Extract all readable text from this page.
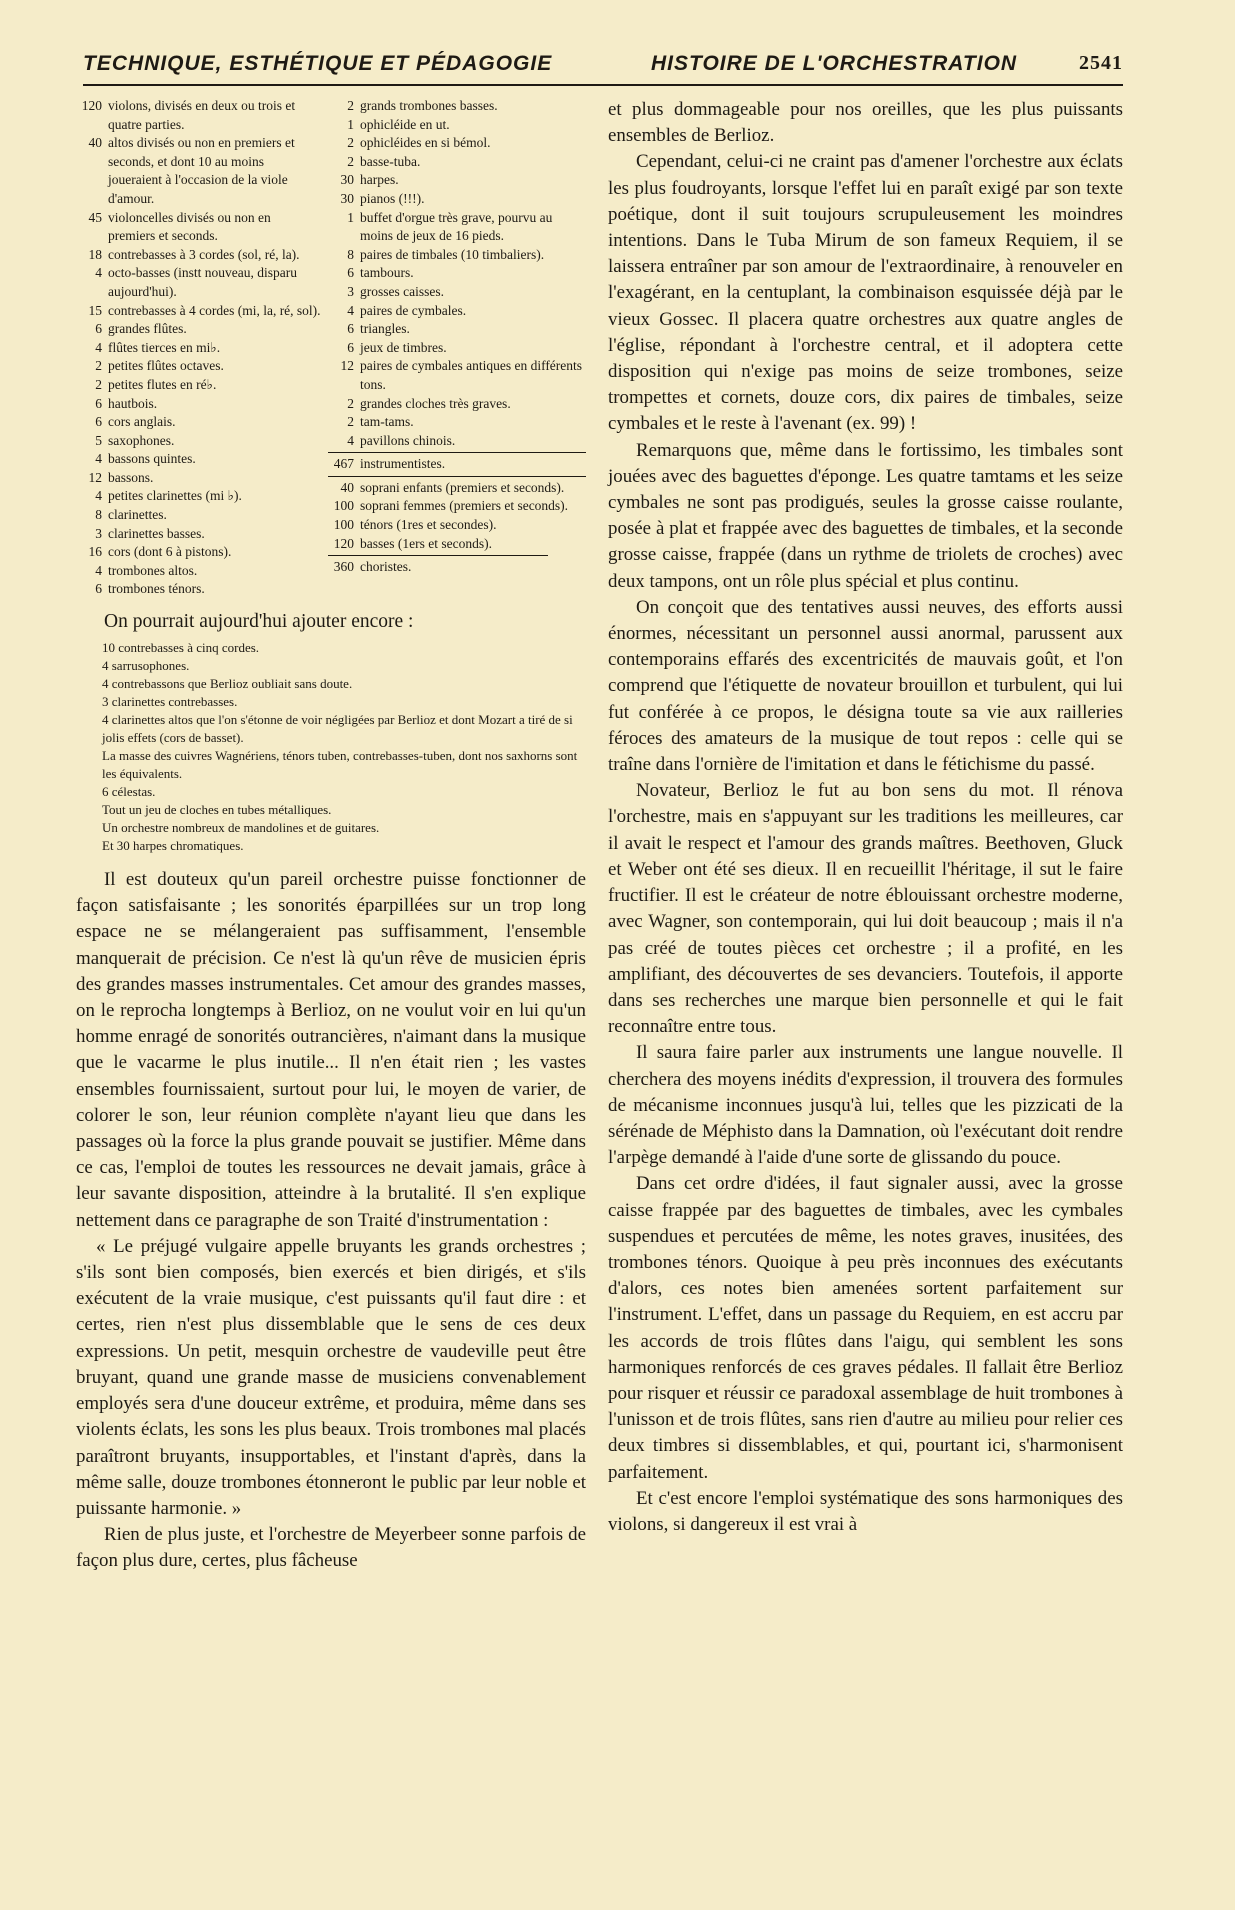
TECHNIQUE, ESTHÉTIQUE ET PÉDAGOGIE	HISTOIRE DE L'ORCHESTRATION	2541
120 violons, divisés en deux ou trois et quatre parties.
40 altos divisés ou non en premiers et seconds, et dont 10 au moins joueraient à l'occasion de la viole d'amour.
45 violoncelles divisés ou non en premiers et seconds.
18 contrebasses à 3 cordes (sol, ré, la).
4 octo-basses (instt nouveau, disparu aujourd'hui).
15 contrebasses à 4 cordes (mi, la, ré, sol).
6 grandes flûtes.
4 flûtes tierces en mi♭.
2 petites flûtes octaves.
2 petites flutes en ré♭.
6 hautbois.
6 cors anglais.
5 saxophones.
4 bassons quintes.
12 bassons.
4 petites clarinettes (mi ♭).
8 clarinettes.
3 clarinettes basses.
16 cors (dont 6 à pistons).
4 trombones altos.
6 trombones ténors.
2 grands trombones basses.
1 ophicléide en ut.
2 ophicléides en si bémol.
2 basse-tuba.
30 harpes.
30 pianos (!!!).
1 buffet d'orgue très grave, pourvu au moins de jeux de 16 pieds.
8 paires de timbales (10 timbaliers).
6 tambours.
3 grosses caisses.
4 paires de cymbales.
6 triangles.
6 jeux de timbres.
12 paires de cymbales antiques en différents tons.
2 grandes cloches très graves.
2 tam-tams.
4 pavillons chinois.
467 instrumentistes.
40 soprani enfants (premiers et seconds).
100 soprani femmes (premiers et seconds).
100 ténors (1res et secondes).
120 basses (1ers et seconds).
360 choristes.
On pourrait aujourd'hui ajouter encore :
10 contrebasses à cinq cordes.
4 sarrusophones.
4 contrebassons que Berlioz oubliait sans doute.
3 clarinettes contrebasses.
4 clarinettes altos que l'on s'étonne de voir négligées par Berlioz et dont Mozart a tiré de si jolis effets (cors de basset).
La masse des cuivres Wagnériens, ténors tuben, contrebasses-tuben, dont nos saxhorns sont les équivalents.
6 célestas.
Tout un jeu de cloches en tubes métalliques.
Un orchestre nombreux de mandolines et de guitares.
Et 30 harpes chromatiques.

Il est douteux qu'un pareil orchestre puisse fonctionner de façon satisfaisante ; les sonorités éparpillées sur un trop long espace ne se mélangeraient pas suffisamment, l'ensemble manquerait de précision. Ce n'est là qu'un rêve de musicien épris des grandes masses instrumentales. Cet amour des grandes masses, on le reprocha longtemps à Berlioz, on ne voulut voir en lui qu'un homme enragé de sonorités outrancières, n'aimant dans la musique que le vacarme le plus inutile... Il n'en était rien ; les vastes ensembles fournissaient, surtout pour lui, le moyen de varier, de colorer le son, leur réunion complète n'ayant lieu que dans les passages où la force la plus grande pouvait se justifier. Même dans ce cas, l'emploi de toutes les ressources ne devait jamais, grâce à leur savante disposition, atteindre à la brutalité. Il s'en explique nettement dans ce paragraphe de son Traité d'instrumentation :

« Le préjugé vulgaire appelle bruyants les grands orchestres ; s'ils sont bien composés, bien exercés et bien dirigés, et s'ils exécutent de la vraie musique, c'est puissants qu'il faut dire : et certes, rien n'est plus dissemblable que le sens de ces deux expressions. Un petit, mesquin orchestre de vaudeville peut être bruyant, quand une grande masse de musiciens convenablement employés sera d'une douceur extrême, et produira, même dans ses violents éclats, les sons les plus beaux. Trois trombones mal placés paraîtront bruyants, insupportables, et l'instant d'après, dans la même salle, douze trombones étonneront le public par leur noble et puissante harmonie. »

Rien de plus juste, et l'orchestre de Meyerbeer sonne parfois de façon plus dure, certes, plus fâcheuse

et plus dommageable pour nos oreilles, que les plus puissants ensembles de Berlioz.

Cependant, celui-ci ne craint pas d'amener l'orchestre aux éclats les plus foudroyants, lorsque l'effet lui en paraît exigé par son texte poétique, dont il suit toujours scrupuleusement les moindres intentions. Dans le Tuba Mirum de son fameux Requiem, il se laissera entraîner par son amour de l'extraordinaire, à renouveler en l'exagérant, en la centuplant, la combinaison esquissée déjà par le vieux Gossec. Il placera quatre orchestres aux quatre angles de l'église, répondant à l'orchestre central, et il adoptera cette disposition qui n'exige pas moins de seize trombones, seize trompettes et cornets, douze cors, dix paires de timbales, seize cymbales et le reste à l'avenant (ex. 99) !

Remarquons que, même dans le fortissimo, les timbales sont jouées avec des baguettes d'éponge. Les quatre tamtams et les seize cymbales ne sont pas prodigués, seules la grosse caisse roulante, posée à plat et frappée avec des baguettes de timbales, et la seconde grosse caisse, frappée (dans un rythme de triolets de croches) avec deux tampons, ont un rôle plus spécial et plus continu.

On conçoit que des tentatives aussi neuves, des efforts aussi énormes, nécessitant un personnel aussi anormal, parussent aux contemporains effarés des excentricités de mauvais goût, et l'on comprend que l'étiquette de novateur brouillon et turbulent, qui lui fut conférée à ce propos, le désigna toute sa vie aux railleries féroces des amateurs de la musique de tout repos : celle qui se traîne dans l'ornière de l'imitation et dans le fétichisme du passé.

Novateur, Berlioz le fut au bon sens du mot. Il rénova l'orchestre, mais en s'appuyant sur les traditions les meilleures, car il avait le respect et l'amour des grands maîtres. Beethoven, Gluck et Weber ont été ses dieux. Il en recueillit l'héritage, il sut le faire fructifier. Il est le créateur de notre éblouissant orchestre moderne, avec Wagner, son contemporain, qui lui doit beaucoup ; mais il n'a pas créé de toutes pièces cet orchestre ; il a profité, en les amplifiant, des découvertes de ses devanciers. Toutefois, il apporte dans ses recherches une marque bien personnelle et qui le fait reconnaître entre tous.

Il saura faire parler aux instruments une langue nouvelle. Il cherchera des moyens inédits d'expression, il trouvera des formules de mécanisme inconnues jusqu'à lui, telles que les pizzicati de la sérénade de Méphisto dans la Damnation, où l'exécutant doit rendre l'arpège demandé à l'aide d'une sorte de glissando du pouce.

Dans cet ordre d'idées, il faut signaler aussi, avec la grosse caisse frappée par des baguettes de timbales, avec les cymbales suspendues et percutées de même, les notes graves, inusitées, des trombones ténors. Quoique à peu près inconnues des exécutants d'alors, ces notes bien amenées sortent parfaitement sur l'instrument. L'effet, dans un passage du Requiem, en est accru par les accords de trois flûtes dans l'aigu, qui semblent les sons harmoniques renforcés de ces graves pédales. Il fallait être Berlioz pour risquer et réussir ce paradoxal assemblage de huit trombones à l'unisson et de trois flûtes, sans rien d'autre au milieu pour relier ces deux timbres si dissemblables, et qui, pourtant ici, s'harmonisent parfaitement.

Et c'est encore l'emploi systématique des sons harmoniques des violons, si dangereux il est vrai à
